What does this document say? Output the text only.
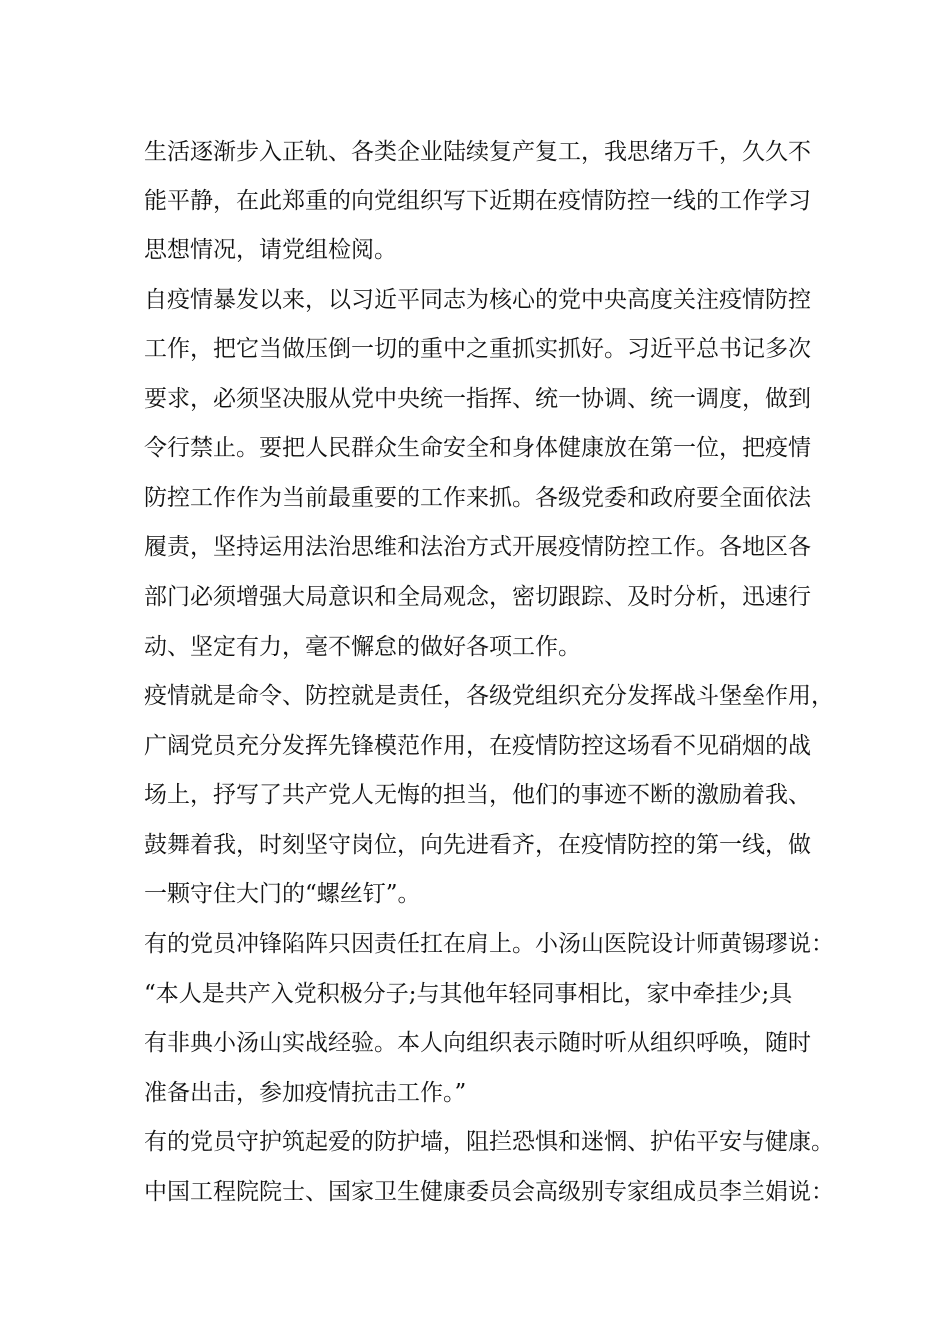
生活逐渐步入正轨、各类企业陆续复产复工，我思绪万千，久久不
能平静，在此郑重的向党组织写下近期在疫情防控一线的工作学习
思想情况，请党组检阅。
自疫情暴发以来，以习近平同志为核心的党中央高度关注疫情防控
工作，把它当做压倒一切的重中之重抓实抓好。习近平总书记多次
要求，必须坚决服从党中央统一指挥、统一协调、统一调度，做到
令行禁止。要把人民群众生命安全和身体健康放在第一位，把疫情
防控工作作为当前最重要的工作来抓。各级党委和政府要全面依法
履责，坚持运用法治思维和法治方式开展疫情防控工作。各地区各
部门必须增强大局意识和全局观念，密切跟踪、及时分析，迅速行
动、坚定有力，毫不懈怠的做好各项工作。
疫情就是命令、防控就是责任，各级党组织充分发挥战斗堡垒作用，
广阔党员充分发挥先锋模范作用，在疫情防控这场看不见硝烟的战
场上，抒写了共产党人无悔的担当，他们的事迹不断的激励着我、
鼓舞着我，时刻坚守岗位，向先进看齐，在疫情防控的第一线，做
一颗守住大门的“螺丝钉”。
有的党员冲锋陷阵只因责任扛在肩上。小汤山医院设计师黄锡璆说：
“本人是共产入党积极分子;与其他年轻同事相比，家中牵挂少;具
有非典小汤山实战经验。本人向组织表示随时听从组织呼唤，随时
准备出击，参加疫情抗击工作。”
有的党员守护筑起爱的防护墙，阻拦恐惧和迷惘、护佑平安与健康。
中国工程院院士、国家卫生健康委员会高级别专家组成员李兰娟说：
